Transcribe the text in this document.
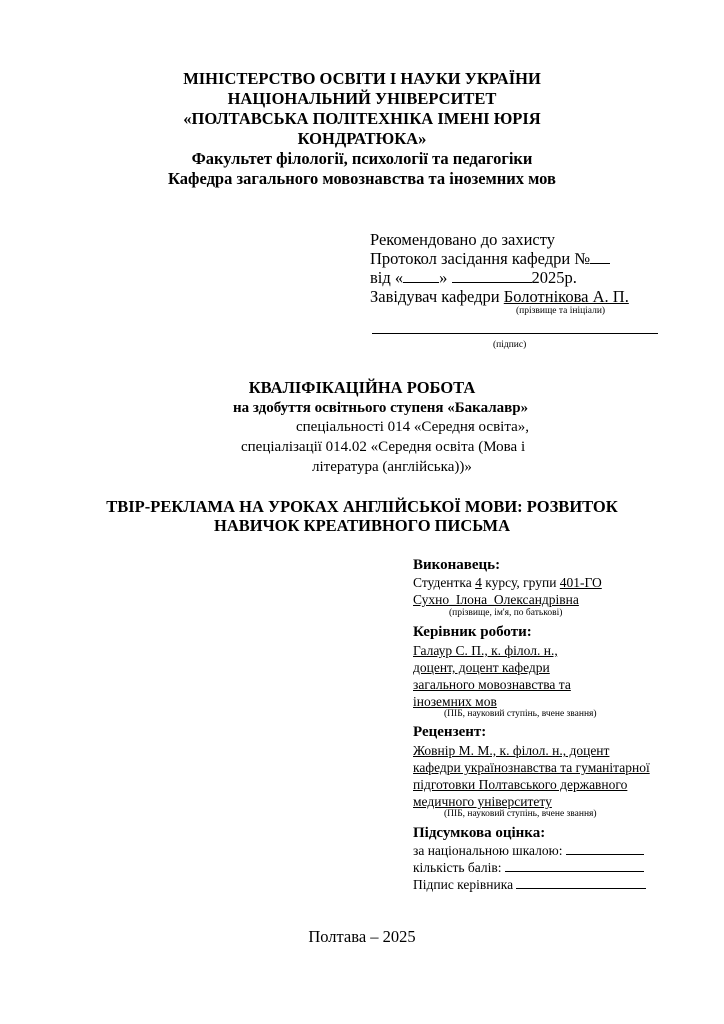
МІНІСТЕРСТВО ОСВІТИ І НАУКИ УКРАЇНИ
НАЦІОНАЛЬНИЙ УНІВЕРСИТЕТ
«ПОЛТАВСЬКА ПОЛІТЕХНІКА ІМЕНІ ЮРІЯ
КОНДРАТЮКА»
Факультет філології, психології та педагогіки
Кафедра загального мовознавства та іноземних мов
Рекомендовано до захисту
Протокол засідання кафедри №
від « »	2025р.
Завідувач кафедри Болотнікова А. П.
(прізвище та ініціали)
(підпис)
КВАЛІФІКАЦІЙНА РОБОТА
на здобуття освітнього ступеня «Бакалавр»
спеціальності 014 «Середня освіта»,
спеціалізації 014.02 «Середня освіта (Мова і
література (англійська))»
ТВІР-РЕКЛАМА НА УРОКАХ АНГЛІЙСЬКОЇ МОВИ: РОЗВИТОК
НАВИЧОК КРЕАТИВНОГО ПИСЬМА
Виконавець:
Студентка 4 курсу, групи 401-ГО
Сухно_Ілона_Олександрівна
(прізвище, ім'я, по батькові)
Керівник роботи:
Галаур С. П., к. філол. н.,
доцент, доцент кафедри
загального мовознавства та
іноземних мов
(ПІБ, науковий ступінь, вчене звання)
Рецензент:
Жовнір М. М., к. філол. н., доцент
кафедри українознавства та гуманітарної
підготовки Полтавського державного
медичного університету
(ПІБ, науковий ступінь, вчене звання)
Підсумкова оцінка:
за національною шкалою:
кількість балів:
Підпис керівника
Полтава – 2025
